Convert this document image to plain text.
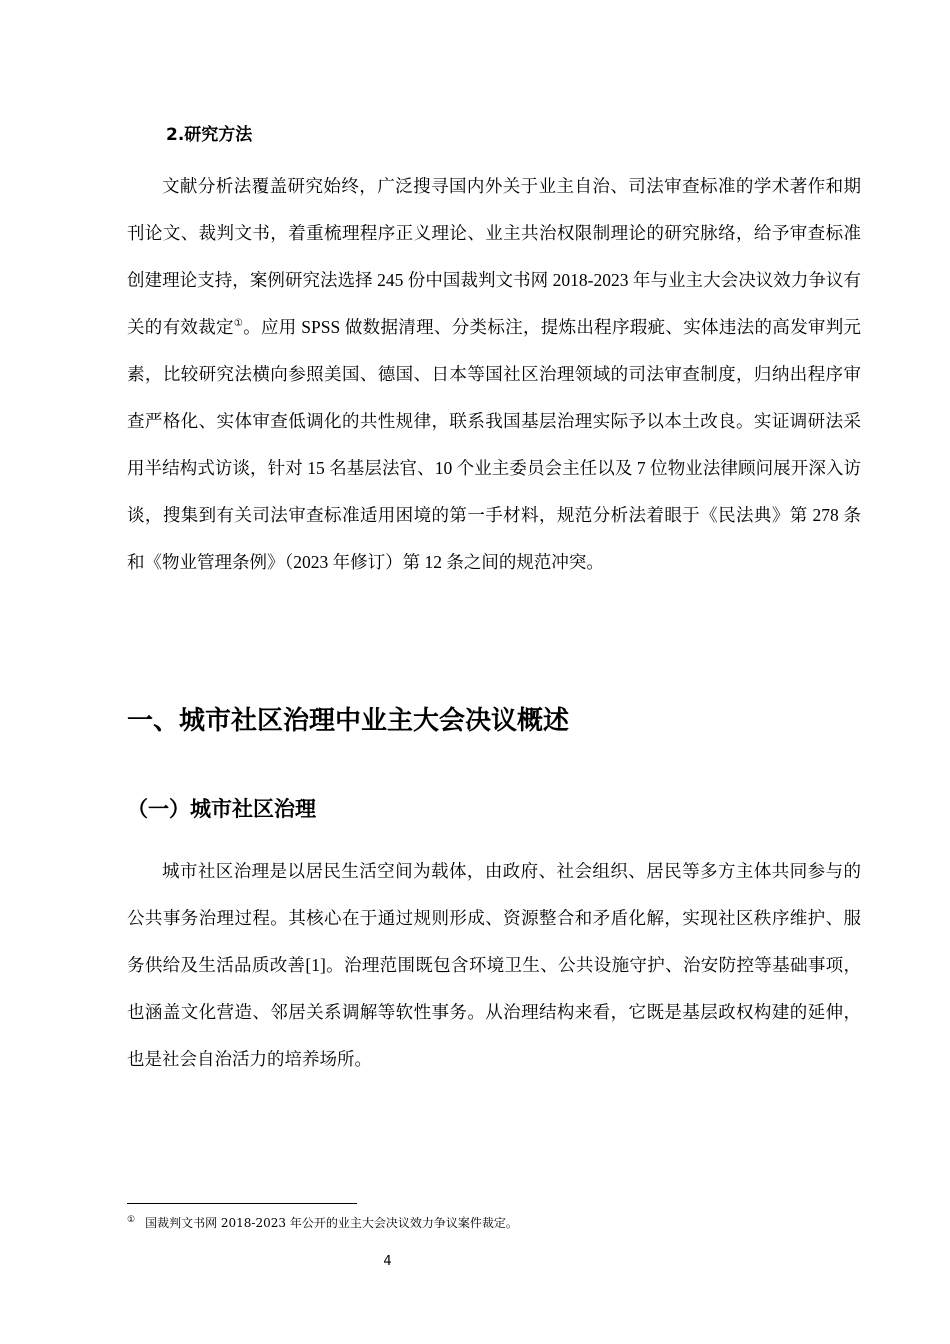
2.研究方法

文献分析法覆盖研究始终，广泛搜寻国内外关于业主自治、司法审查标准的学术著作和期刊论文、裁判文书，着重梳理程序正义理论、业主共治权限制理论的研究脉络，给予审查标准创建理论支持，案例研究法选择 245 份中国裁判文书网 2018-2023 年与业主大会决议效力争议有关的有效裁定①。应用 SPSS 做数据清理、分类标注，提炼出程序瑕疵、实体违法的高发审判元素，比较研究法横向参照美国、德国、日本等国社区治理领域的司法审查制度，归纳出程序审查严格化、实体审查低调化的共性规律，联系我国基层治理实际予以本土改良。实证调研法采用半结构式访谈，针对 15 名基层法官、10 个业主委员会主任以及 7 位物业法律顾问展开深入访谈，搜集到有关司法审查标准适用困境的第一手材料，规范分析法着眼于《民法典》第 278 条和《物业管理条例》（2023 年修订）第 12 条之间的规范冲突。

一、城市社区治理中业主大会决议概述
（一）城市社区治理

城市社区治理是以居民生活空间为载体，由政府、社会组织、居民等多方主体共同参与的公共事务治理过程。其核心在于通过规则形成、资源整合和矛盾化解，实现社区秩序维护、服务供给及生活品质改善[1]。治理范围既包含环境卫生、公共设施守护、治安防控等基础事项，也涵盖文化营造、邻居关系调解等软性事务。从治理结构来看，它既是基层政权构建的延伸，也是社会自治活力的培养场所。

① 国裁判文书网 2018-2023 年公开的业主大会决议效力争议案件裁定。

4
